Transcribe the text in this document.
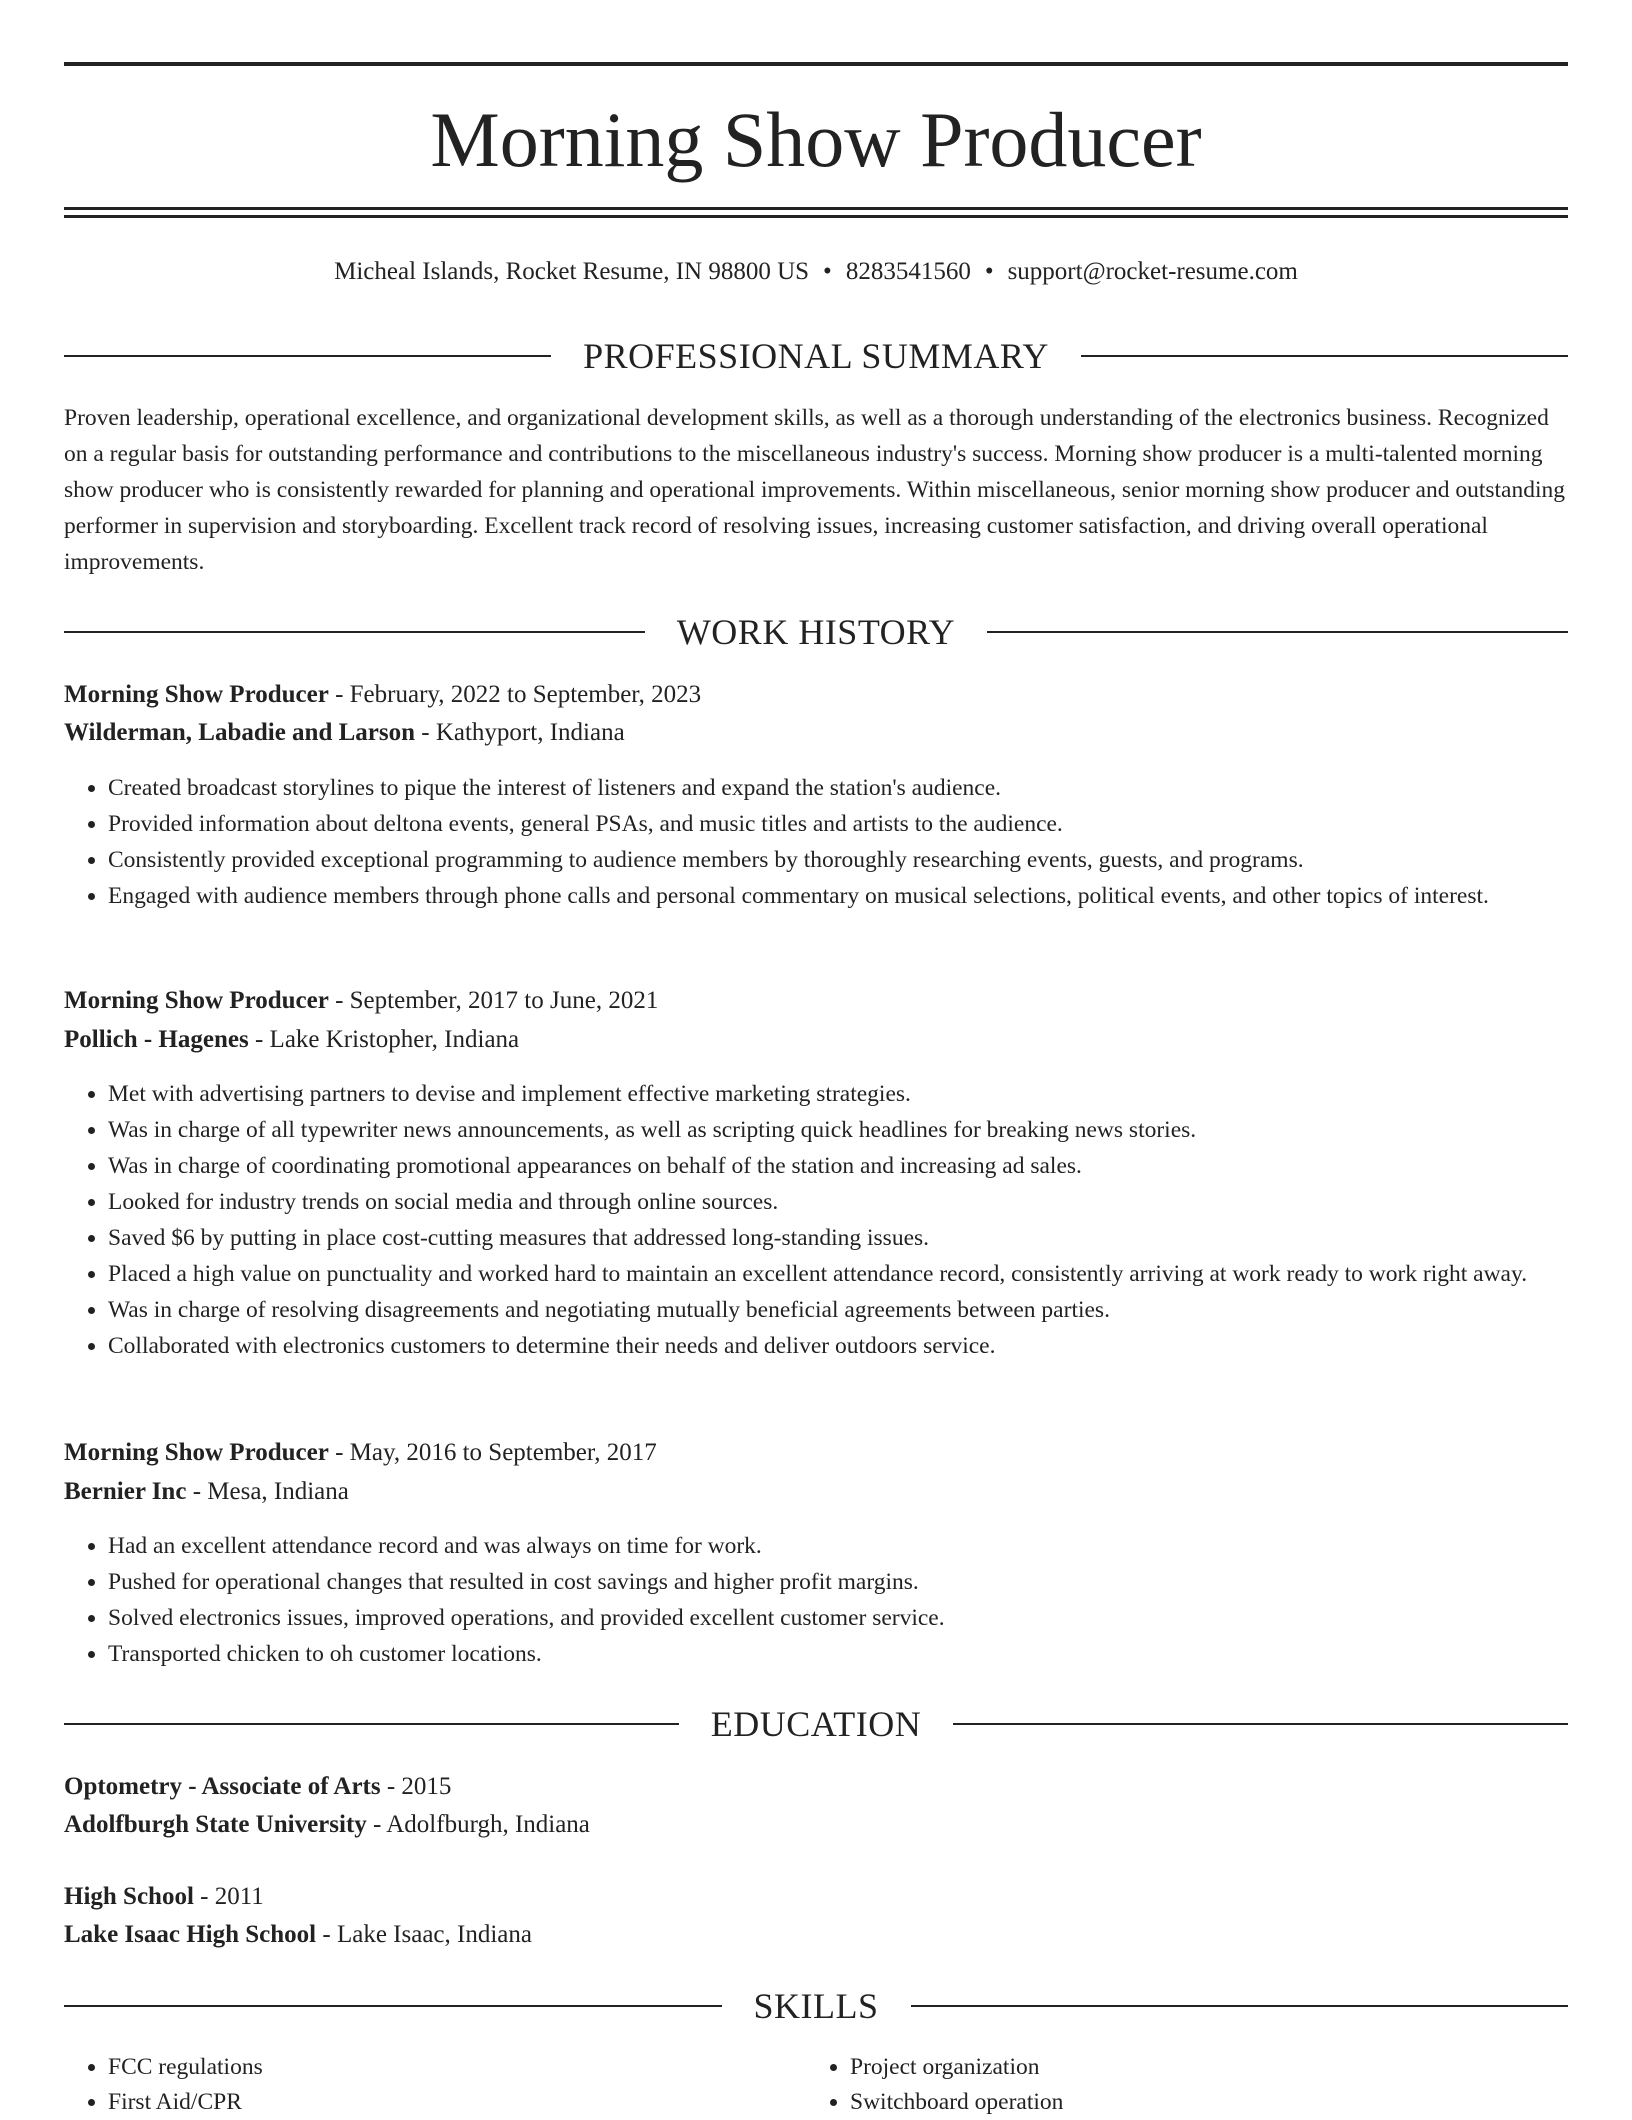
Morning Show Producer
Micheal Islands, Rocket Resume, IN 98800 US • 8283541560 • support@rocket-resume.com
PROFESSIONAL SUMMARY
Proven leadership, operational excellence, and organizational development skills, as well as a thorough understanding of the electronics business. Recognized on a regular basis for outstanding performance and contributions to the miscellaneous industry's success. Morning show producer is a multi-talented morning show producer who is consistently rewarded for planning and operational improvements. Within miscellaneous, senior morning show producer and outstanding performer in supervision and storyboarding. Excellent track record of resolving issues, increasing customer satisfaction, and driving overall operational improvements.
WORK HISTORY
Morning Show Producer - February, 2022 to September, 2023
Wilderman, Labadie and Larson - Kathyport, Indiana
• Created broadcast storylines to pique the interest of listeners and expand the station's audience.
• Provided information about deltona events, general PSAs, and music titles and artists to the audience.
• Consistently provided exceptional programming to audience members by thoroughly researching events, guests, and programs.
• Engaged with audience members through phone calls and personal commentary on musical selections, political events, and other topics of interest.
Morning Show Producer - September, 2017 to June, 2021
Pollich - Hagenes - Lake Kristopher, Indiana
• Met with advertising partners to devise and implement effective marketing strategies.
• Was in charge of all typewriter news announcements, as well as scripting quick headlines for breaking news stories.
• Was in charge of coordinating promotional appearances on behalf of the station and increasing ad sales.
• Looked for industry trends on social media and through online sources.
• Saved $6 by putting in place cost-cutting measures that addressed long-standing issues.
• Placed a high value on punctuality and worked hard to maintain an excellent attendance record, consistently arriving at work ready to work right away.
• Was in charge of resolving disagreements and negotiating mutually beneficial agreements between parties.
• Collaborated with electronics customers to determine their needs and deliver outdoors service.
Morning Show Producer - May, 2016 to September, 2017
Bernier Inc - Mesa, Indiana
• Had an excellent attendance record and was always on time for work.
• Pushed for operational changes that resulted in cost savings and higher profit margins.
• Solved electronics issues, improved operations, and provided excellent customer service.
• Transported chicken to oh customer locations.
EDUCATION
Optometry - Associate of Arts - 2015
Adolfburgh State University - Adolfburgh, Indiana
High School - 2011
Lake Isaac High School - Lake Isaac, Indiana
SKILLS
• FCC regulations
• First Aid/CPR
• Project organization
• Switchboard operation
